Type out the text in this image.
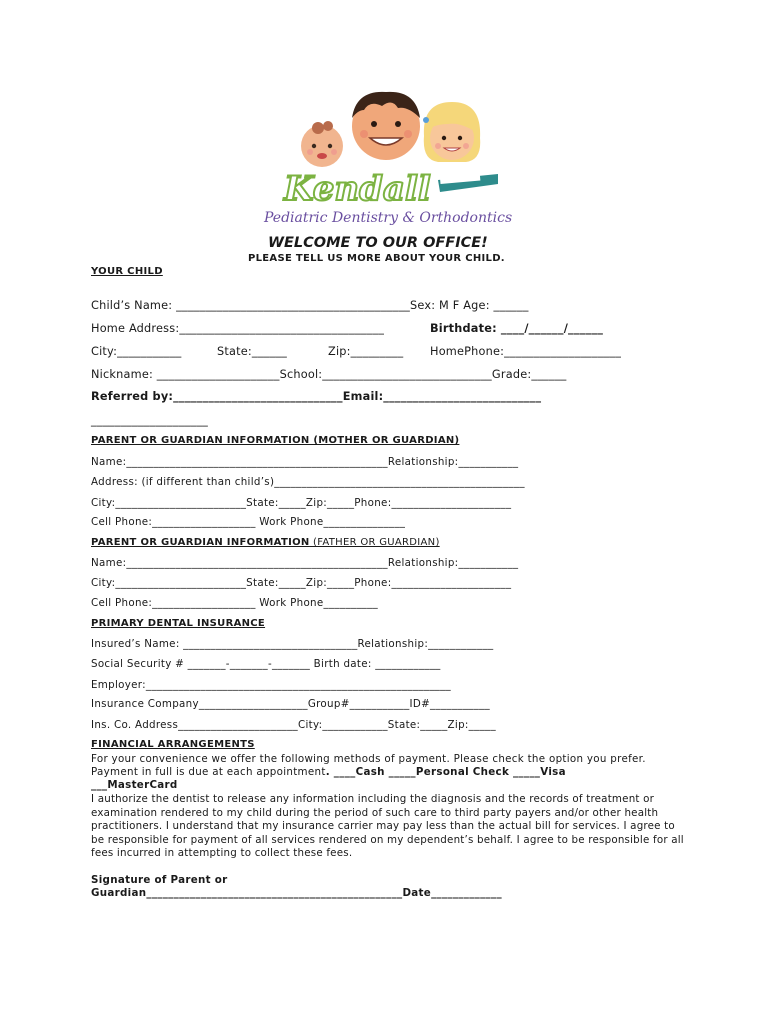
Kendall
Pediatric Dentistry & Orthodontics
WELCOME TO OUR OFFICE!
PLEASE TELL US MORE ABOUT YOUR CHILD.
YOUR CHILD
Child’s Name: ________________________________________Sex: M F Age: ______
Home Address:___________________________________	Birthdate: ____/______/______
City:___________	State:______	Zip:_________ HomePhone:____________________
Nickname: _____________________School:_____________________________Grade:______
Referred by:_____________________________Email:___________________________
____________________
PARENT OR GUARDIAN INFORMATION (MOTHER OR GUARDIAN)
Name:________________________________________________Relationship:___________
Address: (if different than child’s)______________________________________________
City:________________________State:_____Zip:_____Phone:______________________
Cell Phone:___________________ Work Phone_______________
PARENT OR GUARDIAN INFORMATION (FATHER OR GUARDIAN)
Name:________________________________________________Relationship:___________
City:________________________State:_____Zip:_____Phone:______________________
Cell Phone:___________________ Work Phone__________
PRIMARY DENTAL INSURANCE
Insured’s Name: ________________________________Relationship:____________
Social Security # _______-_______-_______ Birth date: ____________
Employer:________________________________________________________
Insurance Company____________________Group#___________ID#___________
Ins. Co. Address______________________City:____________State:_____Zip:_____
FINANCIAL ARRANGEMENTS
For your convenience we offer the following methods of payment. Please check the option you prefer.
Payment in full is due at each appointment. ____Cash _____Personal Check _____Visa
___MasterCard
I authorize the dentist to release any information including the diagnosis and the records of treatment or examination rendered to my child during the period of such care to third party payers and/or other health practitioners. I understand that my insurance carrier may pay less than the actual bill for services. I agree to be responsible for payment of all services rendered on my dependent’s behalf. I agree to be responsible for all fees incurred in attempting to collect these fees.
Signature of Parent or
Guardian_______________________________________________Date_____________
